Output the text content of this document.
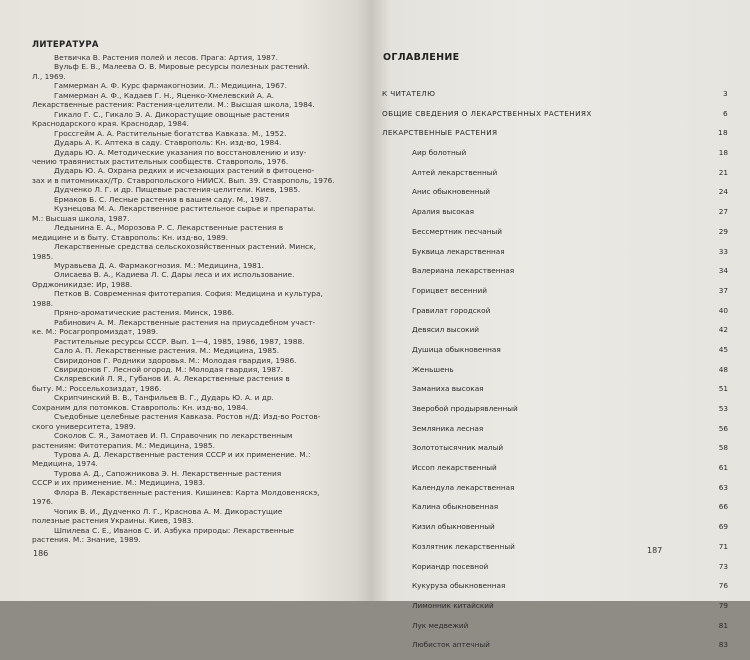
ЛИТЕРАТУРА
Ветвичка В. Растения полей и лесов. Прага: Артия, 1987.
Вульф Е. В., Малеева О. В. Мировые ресурсы полезных растений.
Л., 1969.
Гаммерман А. Ф. Курс фармакогнозии. Л.: Медицина, 1967.
Гаммерман А. Ф., Кадаев Г. Н., Яценко-Хмелевский А. А.
Лекарственные растения: Растения-целители. М.: Высшая школа, 1984.
Гикало Г. С., Гикало Э. А. Дикорастущие овощные растения
Краснодарского края. Краснодар, 1984.
Гроссгейм А. А. Растительные богатства Кавказа. М., 1952.
Дударь А. К. Аптека в саду. Ставрополь: Кн. изд-во, 1984.
Дударь Ю. А. Методические указания по восстановлению и изу-
чению травянистых растительных сообществ. Ставрополь, 1976.
Дударь Ю. А. Охрана редких и исчезающих растений в фитоцено-
зах и в питомниках//Тр. Ставропольского НИИСХ. Вып. 39. Ставрополь, 1976.
Дудченко Л. Г. и др. Пищевые растения-целители. Киев, 1985.
Ермаков Б. С. Лесные растения в вашем саду. М., 1987.
Кузнецова М. А. Лекарственное растительное сырье и препараты.
М.: Высшая школа, 1987.
Ледынина Е. А., Морозова Р. С. Лекарственные растения в
медицине и в быту. Ставрополь: Кн. изд-во, 1989.
Лекарственные средства сельскохозяйственных растений. Минск,
1985.
Муравьева Д. А. Фармакогнозия. М.: Медицина, 1981.
Олисаева В. А., Кадиева Л. С. Дары леса и их использование.
Орджоникидзе: Ир, 1988.
Петков В. Современная фитотерапия. София: Медицина и культура,
1988.
Пряно-ароматические растения. Минск, 1986.
Рабинович А. М. Лекарственные растения на приусадебном участ-
ке. М.: Росагропромиздат, 1989.
Растительные ресурсы СССР. Вып. 1—4, 1985, 1986, 1987, 1988.
Сало А. П. Лекарственные растения. М.: Медицина, 1985.
Свиридонов Г. Родники здоровья. М.: Молодая гвардия, 1986.
Свиридонов Г. Лесной огород. М.: Молодая гвардия, 1987.
Скляревский Л. Я., Губанов И. А. Лекарственные растения в
быту. М.: Россельхозиздат, 1986.
Скрипчинский В. В., Танфильев В. Г., Дударь Ю. А. и др.
Сохраним для потомков. Ставрополь: Кн. изд-во, 1984.
Съедобные целебные растения Кавказа. Ростов н/Д: Изд-во Ростов-
ского университета, 1989.
Соколов С. Я., Замотаев И. П. Справочник по лекарственным
растениям: Фитотерапия. М.: Медицина, 1985.
Турова А. Д. Лекарственные растения СССР и их применение. М.:
Медицина, 1974.
Турова А. Д., Сапожникова Э. Н. Лекарственные растения
СССР и их применение. М.: Медицина, 1983.
Флора В. Лекарственные растения. Кишинев: Карта Молдовеняскэ,
1976.
Чопик В. И., Дудченко Л. Г., Краснова А. М. Дикорастущие
полезные растения Украины. Киев, 1983.
Шпилева С. Е., Иванов С. И. Азбука природы: Лекарственные
растения. М.: Знание, 1989.
186
ОГЛАВЛЕНИЕ
К ЧИТАТЕЛЮ	3
ОБЩИЕ СВЕДЕНИЯ О ЛЕКАРСТВЕННЫХ РАСТЕНИЯХ	6
ЛЕКАРСТВЕННЫЕ РАСТЕНИЯ	18
Аир болотный	18
Алтей лекарственный	21
Анис обыкновенный	24
Аралия высокая	27
Бессмертник песчаный	29
Буквица лекарственная	33
Валериана лекарственная	34
Горицвет весенний	37
Гравилат городской	40
Девясил высокий	42
Душица обыкновенная	45
Женьшень	48
Заманиха высокая	51
Зверобой продырявленный	53
Земляника лесная	56
Золототысячник малый	58
Иссоп лекарственный	61
Календула лекарственная	63
Калина обыкновенная	66
Кизил обыкновенный	69
Козлятник лекарственный	71
Кориандр посевной	73
Кукуруза обыкновенная	76
Лимонник китайский	79
Лук медвежий	81
Любисток аптечный	83
187
